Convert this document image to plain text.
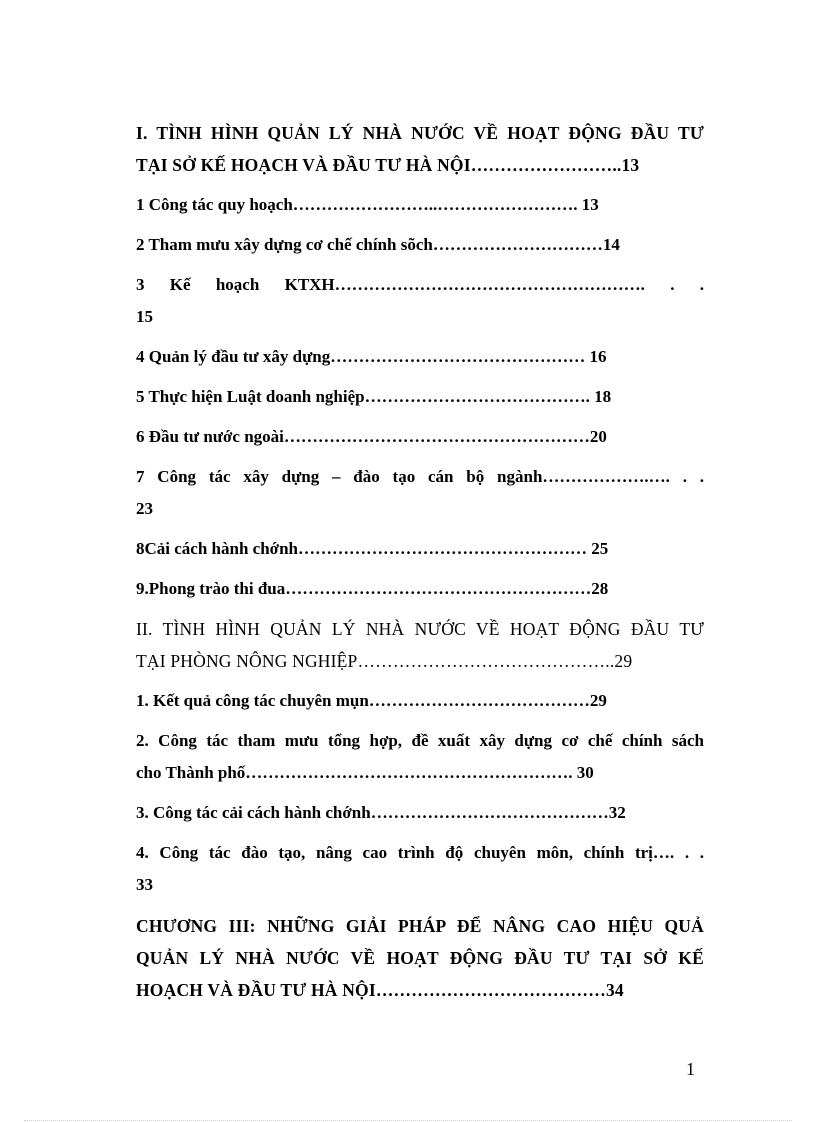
I. TÌNH HÌNH QUẢN LÝ NHÀ NƯỚC VỀ HOẠT ĐỘNG ĐẦU TƯ
TẠI SỞ KẾ HOẠCH VÀ ĐẦU TƯ HÀ NỘI……………………..13
1 Công tác quy hoạch……………………..……………………. 13
2 Tham mưu xây dựng cơ chế chính sõch…………………………14
3 Kế hoạch KTXH………………………………………………. . .
15
4 Quản lý đầu tư xây dựng……………………………………… 16
5 Thực hiện Luật doanh nghiệp…………………………………. 18
6 Đầu tư nước ngoài………………………………………………20
7 Công tác xây dựng – đào tạo cán bộ ngành……………….…. . .
23
8Cải cách hành chớnh…………………………………………… 25
9.Phong trào thi đua………………………………………………28
II. TÌNH HÌNH QUẢN LÝ NHÀ NƯỚC VỀ HOẠT ĐỘNG ĐẦU TƯ
TẠI PHÒNG NÔNG NGHIỆP……………………………………..29
1. Kết quả công tác chuyên mụn…………………………………29
2. Công tác tham mưu tổng hợp, đề xuất xây dựng cơ chế chính sách
cho Thành phố…………………………………………………. 30
3. Công tác cải cách hành chớnh……………………………………32
4. Công tác đào tạo, nâng cao trình độ chuyên môn, chính trị…. . .
33
CHƯƠNG III: NHỮNG GIẢI PHÁP ĐỂ NÂNG CAO HIỆU QUẢ
QUẢN LÝ NHÀ NƯỚC VỀ HOẠT ĐỘNG ĐẦU TƯ TẠI SỞ KẾ
HOẠCH VÀ ĐẦU TƯ HÀ NỘI…………………………………34
1
